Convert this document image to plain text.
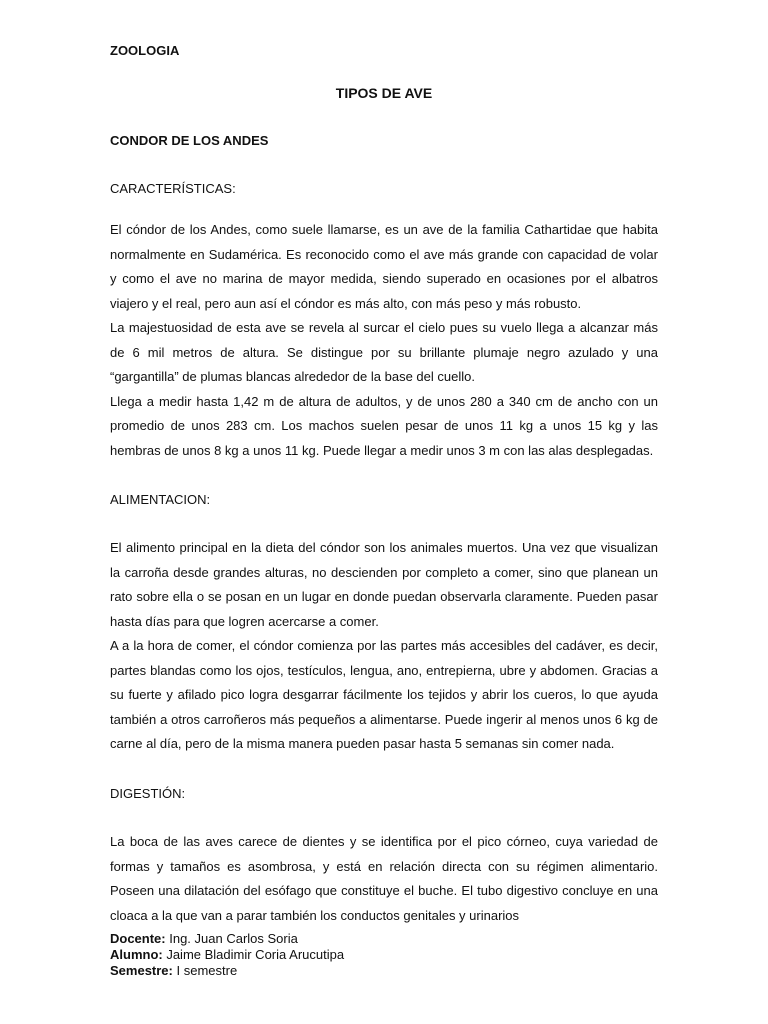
ZOOLOGIA
TIPOS DE AVE
CONDOR DE LOS ANDES
CARACTERÍSTICAS:

El cóndor de los Andes, como suele llamarse, es un ave de la familia Cathartidae que habita normalmente en Sudamérica. Es reconocido como el ave más grande con capacidad de volar y como el ave no marina de mayor medida, siendo superado en ocasiones por el albatros viajero y el real, pero aun así el cóndor es más alto, con más peso y más robusto.

La majestuosidad de esta ave se revela al surcar el cielo pues su vuelo llega a alcanzar más de 6 mil metros de altura. Se distingue por su brillante plumaje negro azulado y una “gargantilla” de plumas blancas alrededor de la base del cuello.

Llega a medir hasta 1,42 m de altura de adultos, y de unos 280 a 340 cm de ancho con un promedio de unos 283 cm. Los machos suelen pesar de unos 11 kg a unos 15 kg y las hembras de unos 8 kg a unos 11 kg. Puede llegar a medir unos 3 m con las alas desplegadas.

ALIMENTACION:

El alimento principal en la dieta del cóndor son los animales muertos. Una vez que visualizan la carroña desde grandes alturas, no descienden por completo a comer, sino que planean un rato sobre ella o se posan en un lugar en donde puedan observarla claramente. Pueden pasar hasta días para que logren acercarse a comer.

A a la hora de comer, el cóndor comienza por las partes más accesibles del cadáver, es decir, partes blandas como los ojos, testículos, lengua, ano, entrepierna, ubre y abdomen. Gracias a su fuerte y afilado pico logra desgarrar fácilmente los tejidos y abrir los cueros, lo que ayuda también a otros carroñeros más pequeños a alimentarse. Puede ingerir al menos unos 6 kg de carne al día, pero de la misma manera pueden pasar hasta 5 semanas sin comer nada.

DIGESTIÓN:

La boca de las aves carece de dientes y se identifica por el pico córneo, cuya variedad de formas y tamaños es asombrosa, y está en relación directa con su régimen alimentario. Poseen una dilatación del esófago que constituye el buche. El tubo digestivo concluye en una cloaca a la que van a parar también los conductos genitales y urinarios

Docente: Ing. Juan Carlos Soria
Alumno: Jaime Bladimir Coria Arucutipa
Semestre: I semestre
